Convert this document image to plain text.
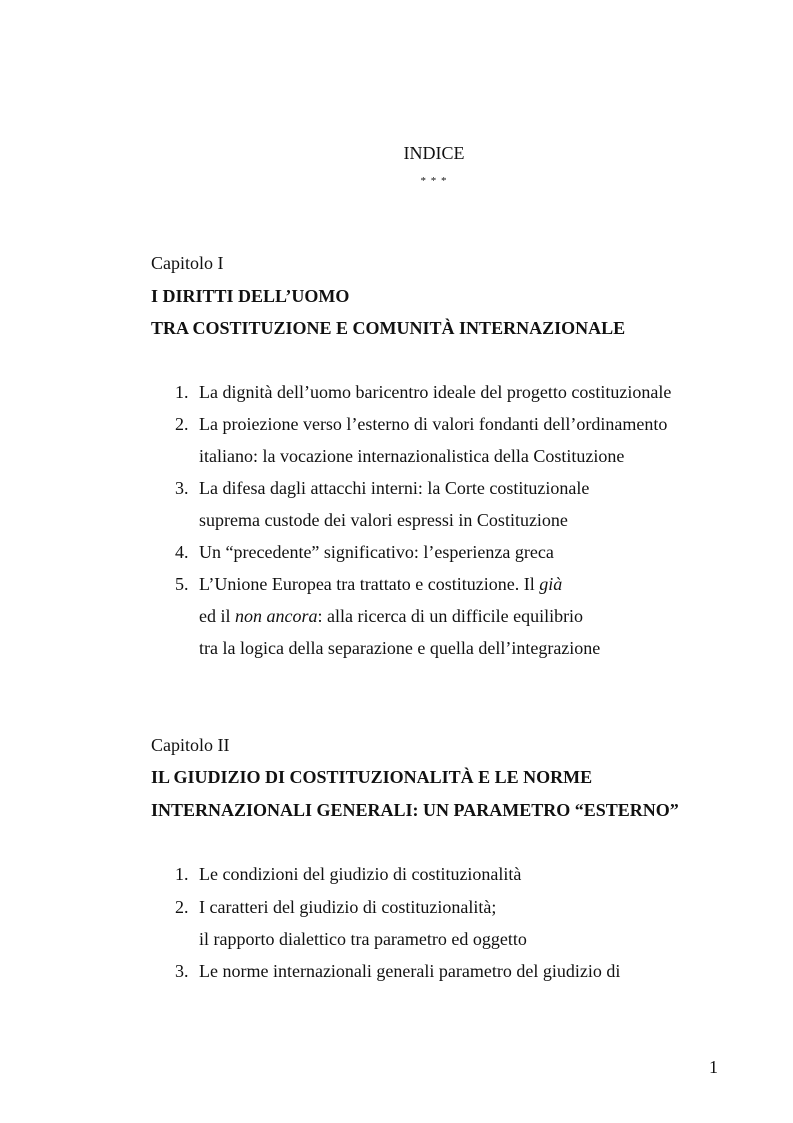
INDICE
* * *
Capitolo I
I DIRITTI DELL’UOMO
TRA COSTITUZIONE E COMUNITÀ INTERNAZIONALE
1. La dignità dell’uomo baricentro ideale del progetto costituzionale
2. La proiezione verso l’esterno di valori fondanti dell’ordinamento
italiano: la vocazione internazionalistica della Costituzione
3. La difesa dagli attacchi interni: la Corte costituzionale
suprema custode dei valori espressi in Costituzione
4. Un “precedente” significativo: l’esperienza greca
5. L’Unione Europea tra trattato e costituzione. Il già
ed il non ancora: alla ricerca di un difficile equilibrio
tra la logica della separazione e quella dell’integrazione
Capitolo II
IL GIUDIZIO DI COSTITUZIONALITÀ E LE NORME
INTERNAZIONALI GENERALI: UN PARAMETRO “ESTERNO”
1. Le condizioni del giudizio di costituzionalità
2. I caratteri del giudizio di costituzionalità;
il rapporto dialettico tra parametro ed oggetto
3. Le norme internazionali generali parametro del giudizio di
1
